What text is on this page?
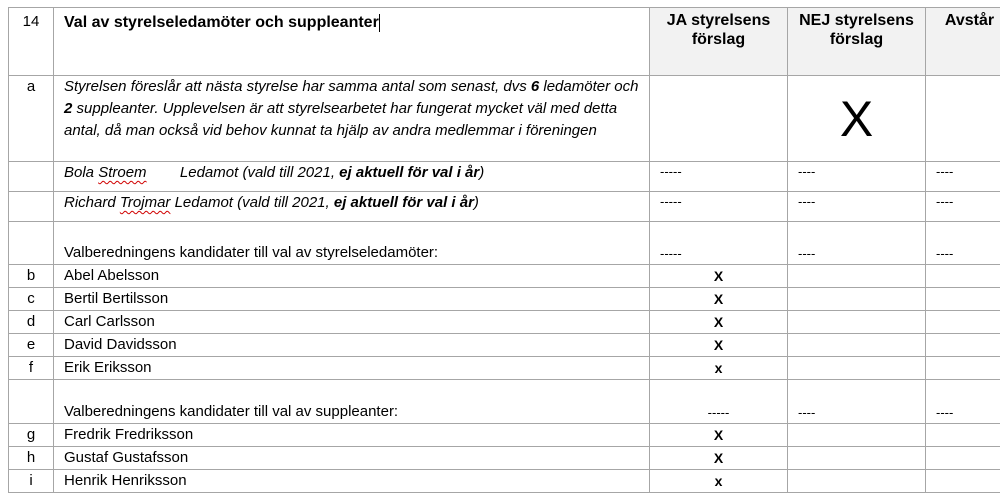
14	Val av styrelseledamöter och suppleanter	JA styrelsens förslag	NEJ styrelsens förslag	Avstår
a	Styrelsen föreslår att nästa styrelse har samma antal som senast, dvs 6 ledamöter och 2 suppleanter. Upplevelsen är att styrelsearbetet har fungerat mycket väl med detta antal, då man också vid behov kunnat ta hjälp av andra medlemmar i föreningen		X	
	Bola Stroem Ledamot (vald till 2021, ej aktuell för val i år)	-----	----	----
	Richard Trojmar Ledamot (vald till 2021, ej aktuell för val i år)	-----	----	----
	Valberedningens kandidater till val av styrelseledamöter:	-----	----	----
b	Abel Abelsson	X		
c	Bertil Bertilsson	X		
d	Carl Carlsson	X		
e	David Davidsson	X		
f	Erik Eriksson	x		
	Valberedningens kandidater till val av suppleanter:	-----	----	----
g	Fredrik Fredriksson	X		
h	Gustaf Gustafsson	X		
i	Henrik Henriksson	x		
